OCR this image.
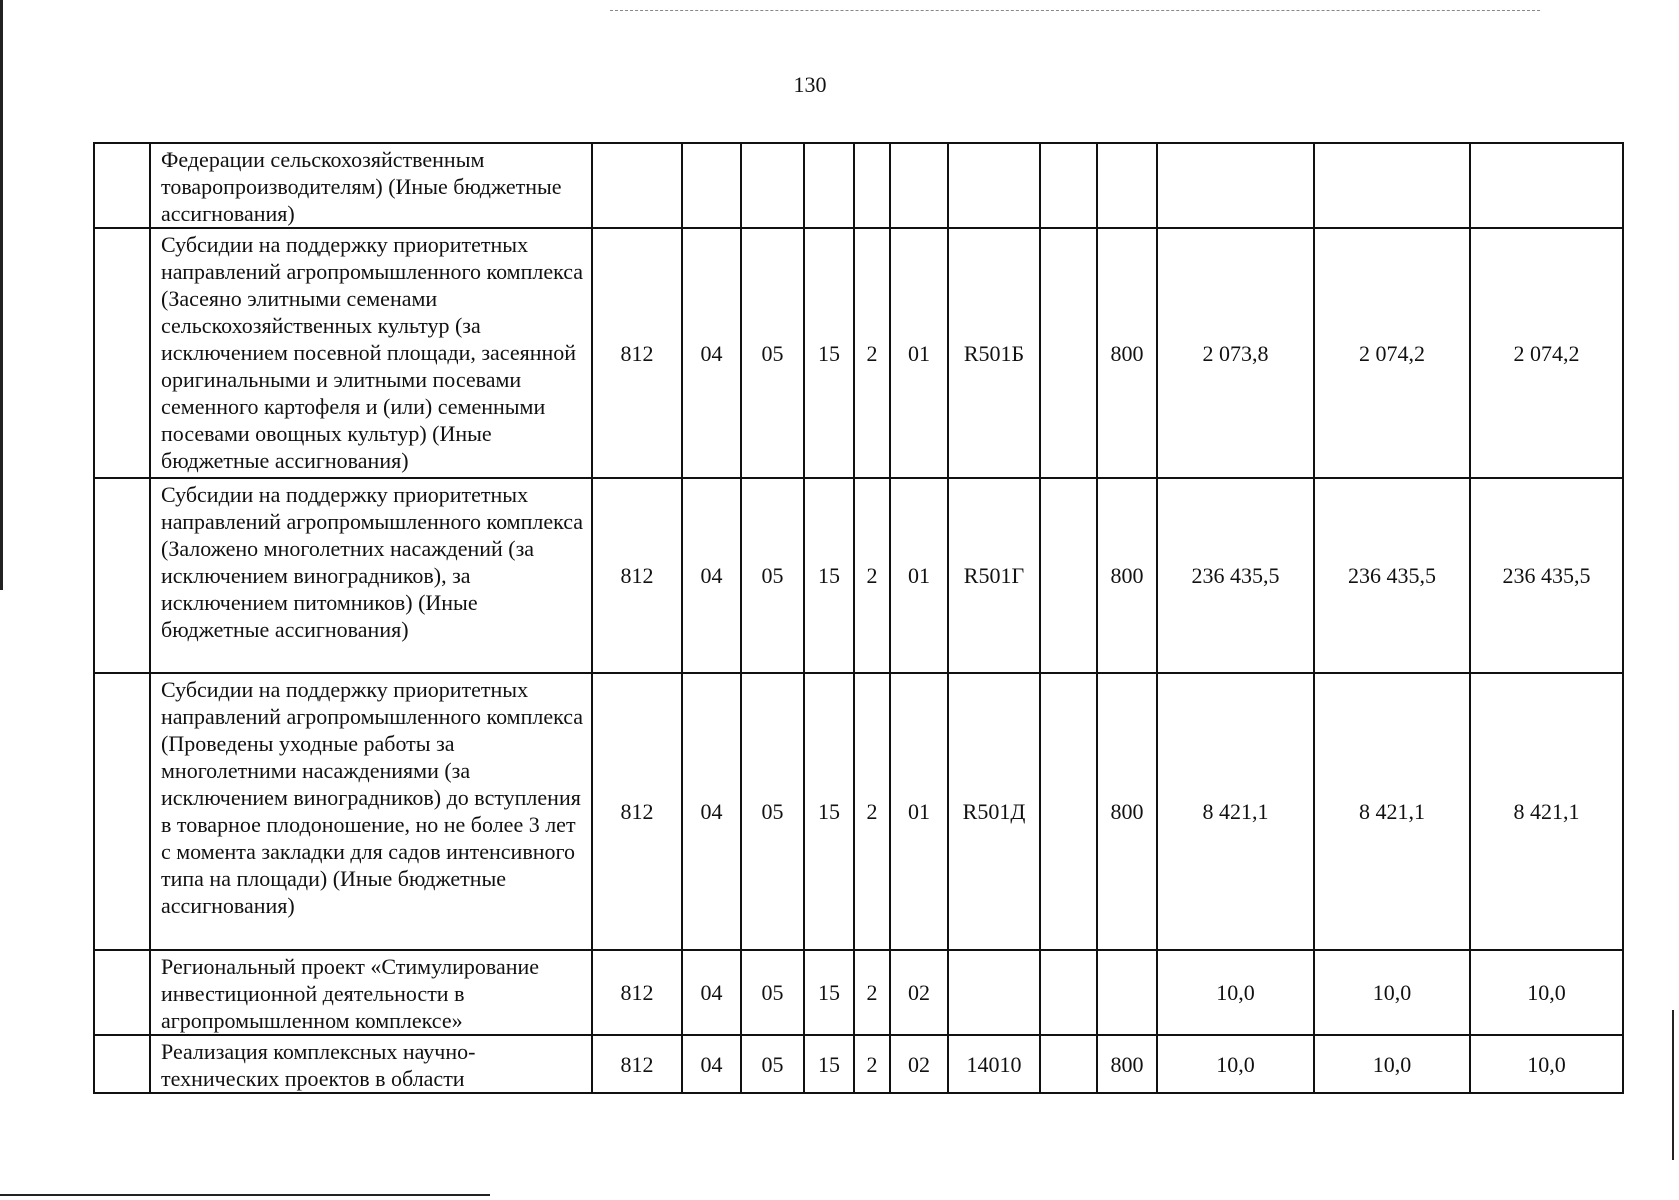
130
	Федерации сельскохозяйственным товаропроизводителям) (Иные бюджетные ассигнования)												
	Субсидии на поддержку приоритетных направлений агропромышленного комплекса (Засеяно элитными семенами сельскохозяйственных культур (за исключением посевной площади, засеянной оригинальными и элитными посевами семенного картофеля и (или) семенными посевами овощных культур) (Иные бюджетные ассигнования)	812	04	05	15	2	01	R501Б		800	2 073,8	2 074,2	2 074,2
	Субсидии на поддержку приоритетных направлений агропромышленного комплекса (Заложено многолетних насаждений (за исключением виноградников), за исключением питомников) (Иные бюджетные ассигнования)	812	04	05	15	2	01	R501Г		800	236 435,5	236 435,5	236 435,5
	Субсидии на поддержку приоритетных направлений агропромышленного комплекса (Проведены уходные работы за многолетними насаждениями (за исключением виноградников) до вступления в товарное плодоношение, но не более 3 лет с момента закладки для садов интенсивного типа на площади) (Иные бюджетные ассигнования)	812	04	05	15	2	01	R501Д		800	8 421,1	8 421,1	8 421,1
	Региональный проект «Стимулирование инвестиционной деятельности в агропромышленном комплексе»	812	04	05	15	2	02				10,0	10,0	10,0
	Реализация комплексных научно-технических проектов в области	812	04	05	15	2	02	14010		800	10,0	10,0	10,0
